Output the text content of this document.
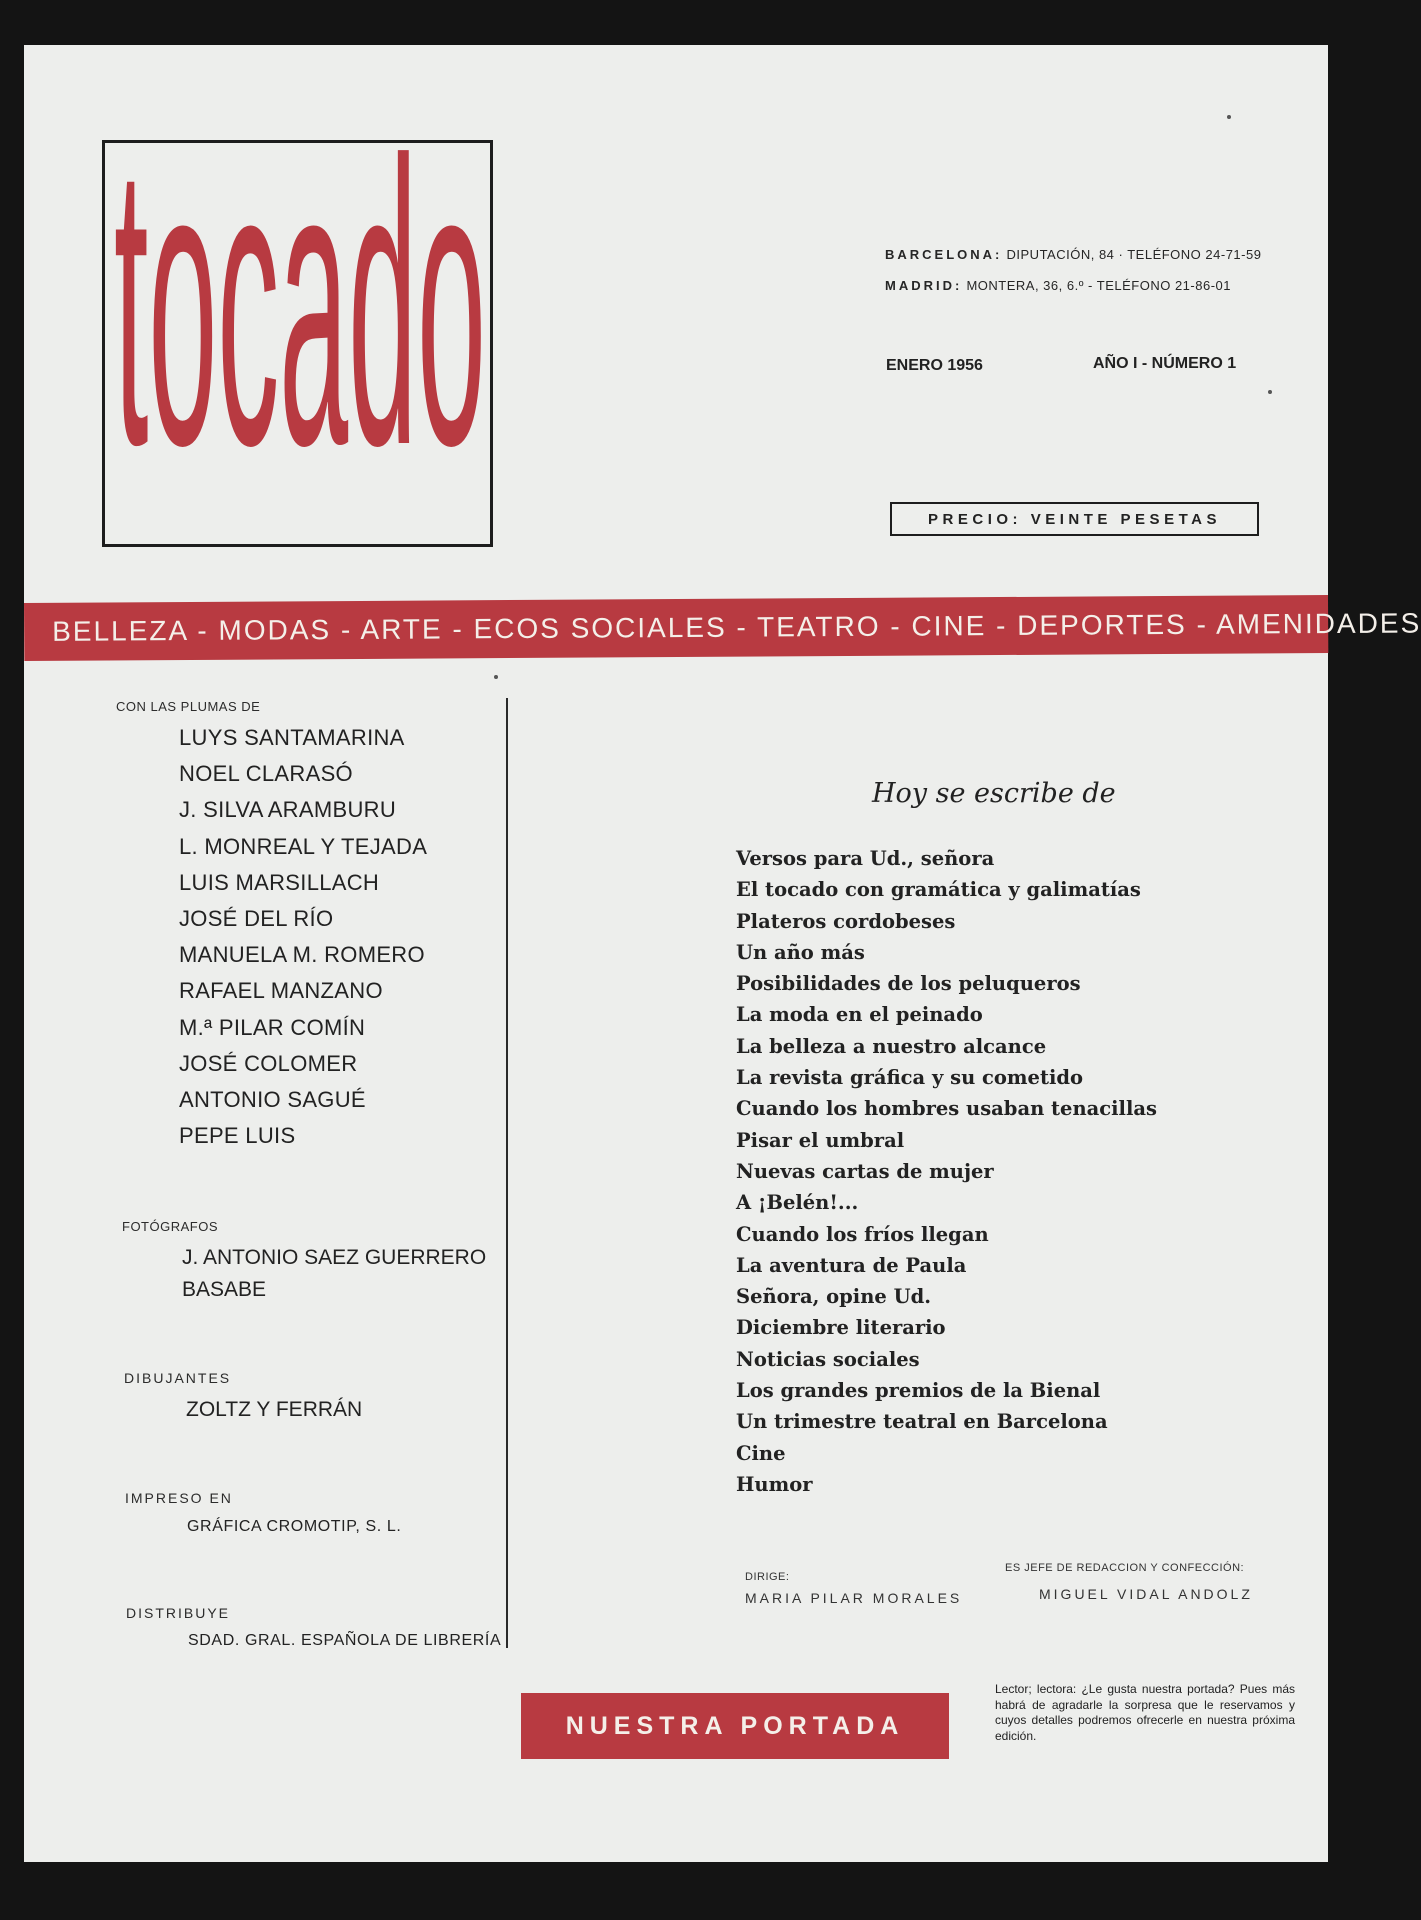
tocado	BARCELONA: DIPUTACIÓN, 84 · TELÉFONO 24-71-59
MADRID: MONTERA, 36, 6.º - TELÉFONO 21-86-01
ENERO 1956	AÑO I - NÚMERO 1
PRECIO: VEINTE PESETAS
BELLEZA - MODAS - ARTE - ECOS SOCIALES - TEATRO - CINE - DEPORTES - AMENIDADES
CON LAS PLUMAS DE
LUYS SANTAMARINA
NOEL CLARASÓ
J. SILVA ARAMBURU
L. MONREAL Y TEJADA
LUIS MARSILLACH
JOSÉ DEL RÍO
MANUELA M. ROMERO
RAFAEL MANZANO
M.ª PILAR COMÍN
JOSÉ COLOMER
ANTONIO SAGUÉ
PEPE LUIS
FOTÓGRAFOS
J. ANTONIO SAEZ GUERRERO
BASABE
DIBUJANTES
ZOLTZ Y FERRÁN
IMPRESO EN
GRÁFICA CROMOTIP, S. L.
DISTRIBUYE
SDAD. GRAL. ESPAÑOLA DE LIBRERÍA
Hoy se escribe de
Versos para Ud., señora
El tocado con gramática y galimatías
Plateros cordobeses
Un año más
Posibilidades de los peluqueros
La moda en el peinado
La belleza a nuestro alcance
La revista gráfica y su cometido
Cuando los hombres usaban tenacillas
Pisar el umbral
Nuevas cartas de mujer
A ¡Belén!...
Cuando los fríos llegan
La aventura de Paula
Señora, opine Ud.
Diciembre literario
Noticias sociales
Los grandes premios de la Bienal
Un trimestre teatral en Barcelona
Cine
Humor
DIRIGE:
MARIA PILAR MORALES
ES JEFE DE REDACCION Y CONFECCIÓN:
MIGUEL VIDAL ANDOLZ
NUESTRA PORTADA
Lector; lectora: ¿Le gusta nuestra portada? Pues más habrá de agradarle la sorpresa que le reservamos y cuyos detalles podremos ofrecerle en nuestra próxima edición.
